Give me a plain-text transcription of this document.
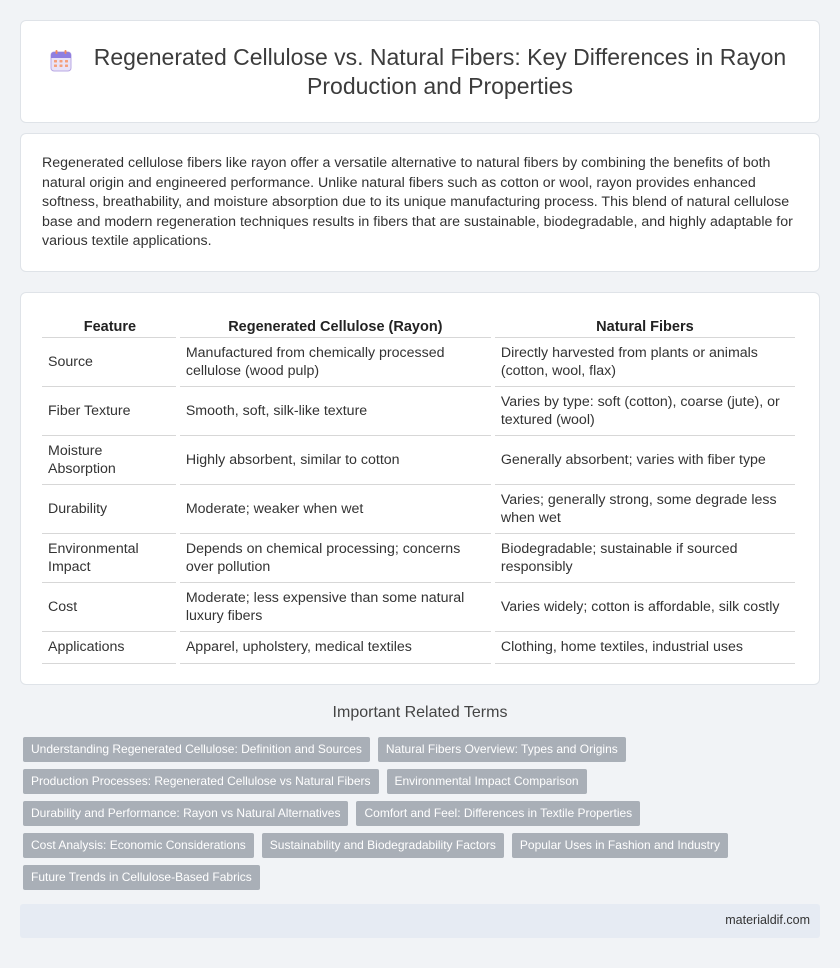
Regenerated Cellulose vs. Natural Fibers: Key Differences in Rayon Production and Properties

Regenerated cellulose fibers like rayon offer a versatile alternative to natural fibers by combining the benefits of both natural origin and engineered performance. Unlike natural fibers such as cotton or wool, rayon provides enhanced softness, breathability, and moisture absorption due to its unique manufacturing process. This blend of natural cellulose base and modern regeneration techniques results in fibers that are sustainable, biodegradable, and highly adaptable for various textile applications.

Feature	Regenerated Cellulose (Rayon)	Natural Fibers
Source	Manufactured from chemically processed cellulose (wood pulp)	Directly harvested from plants or animals (cotton, wool, flax)
Fiber Texture	Smooth, soft, silk-like texture	Varies by type: soft (cotton), coarse (jute), or textured (wool)
Moisture Absorption	Highly absorbent, similar to cotton	Generally absorbent; varies with fiber type
Durability	Moderate; weaker when wet	Varies; generally strong, some degrade less when wet
Environmental Impact	Depends on chemical processing; concerns over pollution	Biodegradable; sustainable if sourced responsibly
Cost	Moderate; less expensive than some natural luxury fibers	Varies widely; cotton is affordable, silk costly
Applications	Apparel, upholstery, medical textiles	Clothing, home textiles, industrial uses
Important Related Terms
Understanding Regenerated Cellulose: Definition and Sources	Natural Fibers Overview: Types and Origins
Production Processes: Regenerated Cellulose vs Natural Fibers	Environmental Impact Comparison
Durability and Performance: Rayon vs Natural Alternatives	Comfort and Feel: Differences in Textile Properties
Cost Analysis: Economic Considerations	Sustainability and Biodegradability Factors	Popular Uses in Fashion and Industry
Future Trends in Cellulose-Based Fabrics
materialdif.com
